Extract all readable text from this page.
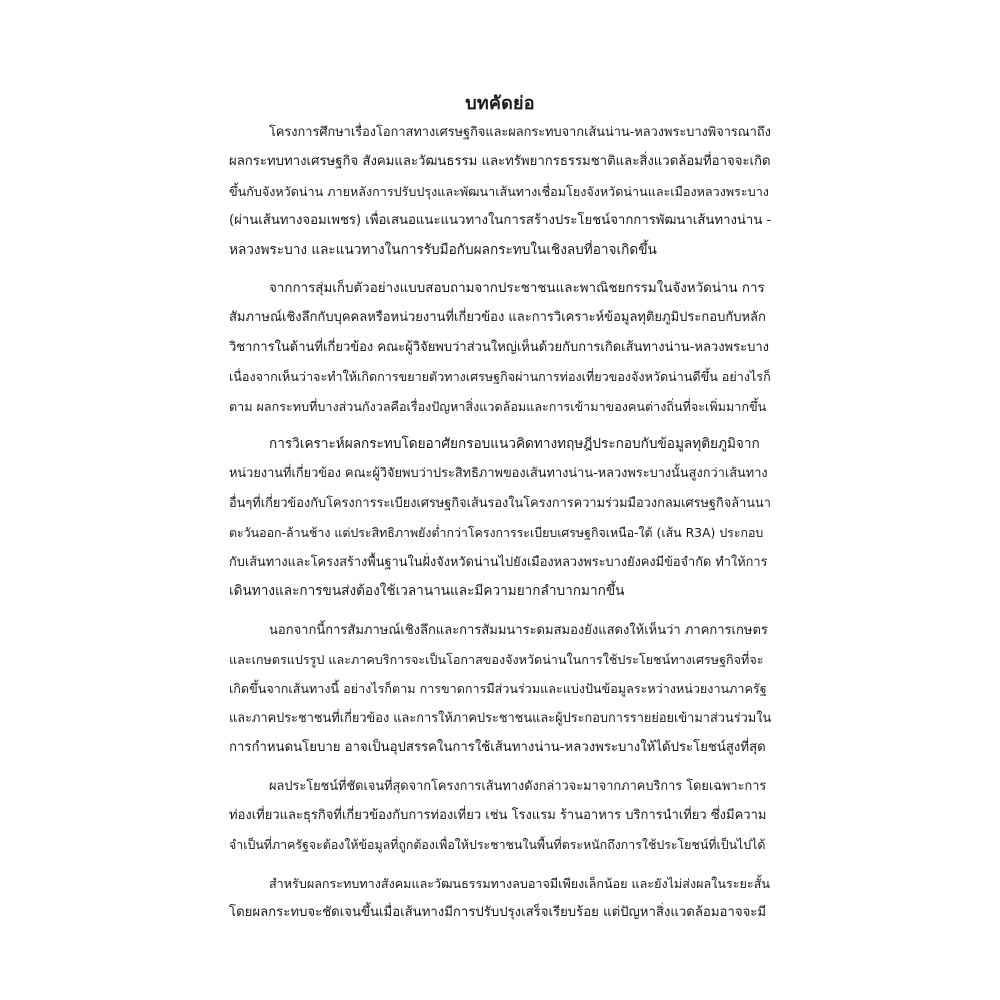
บทคัดย่อ

โครงการศึกษาเรื่องโอกาสทางเศรษฐกิจและผลกระทบจากเส้นน่าน-หลวงพระบางพิจารณาถึง
ผลกระทบทางเศรษฐกิจ สังคมและวัฒนธรรม และทรัพยากรธรรมชาติและสิ่งแวดล้อมที่อาจจะเกิด
ขึ้นกับจังหวัดน่าน ภายหลังการปรับปรุงและพัฒนาเส้นทางเชื่อมโยงจังหวัดน่านและเมืองหลวงพระบาง
(ผ่านเส้นทางจอมเพชร) เพื่อเสนอแนะแนวทางในการสร้างประโยชน์จากการพัฒนาเส้นทางน่าน -
หลวงพระบาง และแนวทางในการรับมือกับผลกระทบในเชิงลบที่อาจเกิดขึ้น

จากการสุ่มเก็บตัวอย่างแบบสอบถามจากประชาชนและพาณิชยกรรมในจังหวัดน่าน การ
สัมภาษณ์เชิงลึกกับบุคคลหรือหน่วยงานที่เกี่ยวข้อง และการวิเคราะห์ข้อมูลทุติยภูมิประกอบกับหลัก
วิชาการในด้านที่เกี่ยวข้อง คณะผู้วิจัยพบว่าส่วนใหญ่เห็นด้วยกับการเกิดเส้นทางน่าน-หลวงพระบาง
เนื่องจากเห็นว่าจะทำให้เกิดการขยายตัวทางเศรษฐกิจผ่านการท่องเที่ยวของจังหวัดน่านดีขึ้น อย่างไรก็
ตาม ผลกระทบที่บางส่วนกังวลคือเรื่องปัญหาสิ่งแวดล้อมและการเข้ามาของคนต่างถิ่นที่จะเพิ่มมากขึ้น

การวิเคราะห์ผลกระทบโดยอาศัยกรอบแนวคิดทางทฤษฎีประกอบกับข้อมูลทุติยภูมิจาก
หน่วยงานที่เกี่ยวข้อง คณะผู้วิจัยพบว่าประสิทธิภาพของเส้นทางน่าน-หลวงพระบางนั้นสูงกว่าเส้นทาง
อื่นๆที่เกี่ยวข้องกับโครงการระเบียงเศรษฐกิจเส้นรองในโครงการความร่วมมือวงกลมเศรษฐกิจล้านนา
ตะวันออก-ล้านช้าง แต่ประสิทธิภาพยังต่ำกว่าโครงการระเบียบเศรษฐกิจเหนือ-ใต้ (เส้น R3A) ประกอบ
กับเส้นทางและโครงสร้างพื้นฐานในฝั่งจังหวัดน่านไปยังเมืองหลวงพระบางยังคงมีข้อจำกัด ทำให้การ
เดินทางและการขนส่งต้องใช้เวลานานและมีความยากลำบากมากขึ้น

นอกจากนี้การสัมภาษณ์เชิงลึกและการสัมมนาระดมสมองยังแสดงให้เห็นว่า ภาคการเกษตร
และเกษตรแปรรูป และภาคบริการจะเป็นโอกาสของจังหวัดน่านในการใช้ประโยชน์ทางเศรษฐกิจที่จะ
เกิดขึ้นจากเส้นทางนี้ อย่างไรก็ตาม การขาดการมีส่วนร่วมและแบ่งปันข้อมูลระหว่างหน่วยงานภาครัฐ
และภาคประชาชนที่เกี่ยวข้อง และการให้ภาคประชาชนและผู้ประกอบการรายย่อยเข้ามาส่วนร่วมใน
การกำหนดนโยบาย อาจเป็นอุปสรรคในการใช้เส้นทางน่าน-หลวงพระบางให้ได้ประโยชน์สูงที่สุด

ผลประโยชน์ที่ชัดเจนที่สุดจากโครงการเส้นทางดังกล่าวจะมาจากภาคบริการ โดยเฉพาะการ
ท่องเที่ยวและธุรกิจที่เกี่ยวข้องกับการท่องเที่ยว เช่น โรงแรม ร้านอาหาร บริการนำเที่ยว ซึ่งมีความ
จำเป็นที่ภาครัฐจะต้องให้ข้อมูลที่ถูกต้องเพื่อให้ประชาชนในพื้นที่ตระหนักถึงการใช้ประโยชน์ที่เป็นไปได้

สำหรับผลกระทบทางสังคมและวัฒนธรรมทางลบอาจมีเพียงเล็กน้อย และยังไม่ส่งผลในระยะสั้น
โดยผลกระทบจะชัดเจนขึ้นเมื่อเส้นทางมีการปรับปรุงเสร็จเรียบร้อย แต่ปัญหาสิ่งแวดล้อมอาจจะมี
